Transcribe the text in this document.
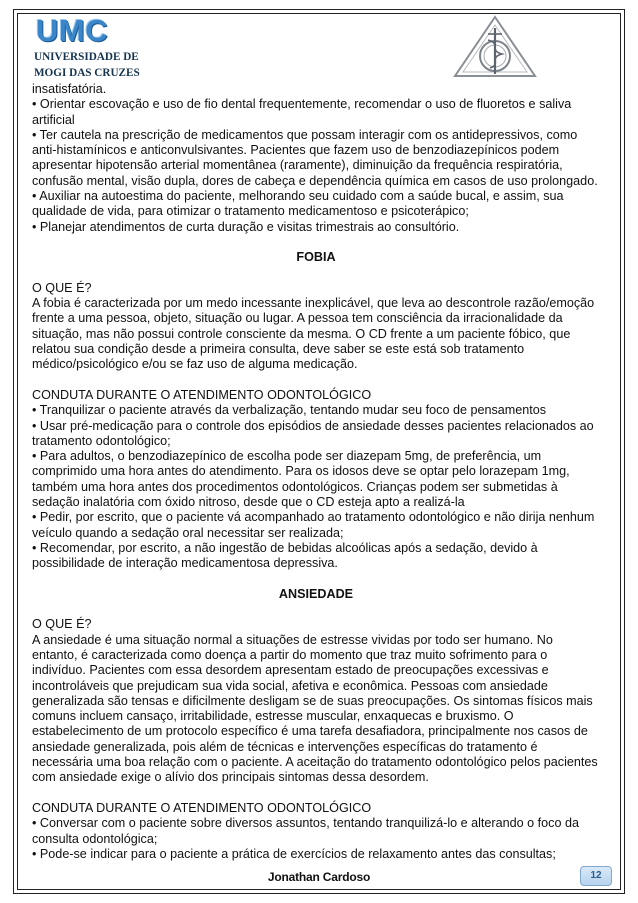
UMC
UNIVERSIDADE DE
MOGI DAS CRUZES

insatisfatória.

• Orientar escovação e uso de fio dental frequentemente, recomendar o uso de fluoretos e saliva artificial

• Ter cautela na prescrição de medicamentos que possam interagir com os antidepressivos, como anti-histamínicos e anticonvulsivantes. Pacientes que fazem uso de benzodiazepínicos podem apresentar hipotensão arterial momentânea (raramente), diminuição da frequência respiratória, confusão mental, visão dupla, dores de cabeça e dependência química em casos de uso prolongado.

• Auxiliar na autoestima do paciente, melhorando seu cuidado com a saúde bucal, e assim, sua qualidade de vida, para otimizar o tratamento medicamentoso e psicoterápico;

• Planejar atendimentos de curta duração e visitas trimestrais ao consultório.

FOBIA

O QUE É?

A fobia é caracterizada por um medo incessante inexplicável, que leva ao descontrole razão/emoção frente a uma pessoa, objeto, situação ou lugar. A pessoa tem consciência da irracionalidade da situação, mas não possui controle consciente da mesma. O CD frente a um paciente fóbico, que relatou sua condição desde a primeira consulta, deve saber se este está sob tratamento médico/psicológico e/ou se faz uso de alguma medicação.

CONDUTA DURANTE O ATENDIMENTO ODONTOLÓGICO

• Tranquilizar o paciente através da verbalização, tentando mudar seu foco de pensamentos

• Usar pré-medicação para o controle dos episódios de ansiedade desses pacientes relacionados ao tratamento odontológico;

• Para adultos, o benzodiazepínico de escolha pode ser diazepam 5mg, de preferência, um comprimido uma hora antes do atendimento. Para os idosos deve se optar pelo lorazepam 1mg, também uma hora antes dos procedimentos odontológicos. Crianças podem ser submetidas à sedação inalatória com óxido nitroso, desde que o CD esteja apto a realizá-la

• Pedir, por escrito, que o paciente vá acompanhado ao tratamento odontológico e não dirija nenhum veículo quando a sedação oral necessitar ser realizada;

• Recomendar, por escrito, a não ingestão de bebidas alcoólicas após a sedação, devido à possibilidade de interação medicamentosa depressiva.

ANSIEDADE

O QUE É?

A ansiedade é uma situação normal a situações de estresse vividas por todo ser humano. No entanto, é caracterizada como doença a partir do momento que traz muito sofrimento para o indivíduo. Pacientes com essa desordem apresentam estado de preocupações excessivas e incontroláveis que prejudicam sua vida social, afetiva e econômica. Pessoas com ansiedade generalizada são tensas e dificilmente desligam se de suas preocupações. Os sintomas físicos mais comuns incluem cansaço, irritabilidade, estresse muscular, enxaquecas e bruxismo. O estabelecimento de um protocolo específico é uma tarefa desafiadora, principalmente nos casos de ansiedade generalizada, pois além de técnicas e intervenções específicas do tratamento é necessária uma boa relação com o paciente. A aceitação do tratamento odontológico pelos pacientes com ansiedade exige o alívio dos principais sintomas dessa desordem.

CONDUTA DURANTE O ATENDIMENTO ODONTOLÓGICO

• Conversar com o paciente sobre diversos assuntos, tentando tranquilizá-lo e alterando o foco da consulta odontológica;

• Pode-se indicar para o paciente a prática de exercícios de relaxamento antes das consultas;

Jonathan Cardoso	12
